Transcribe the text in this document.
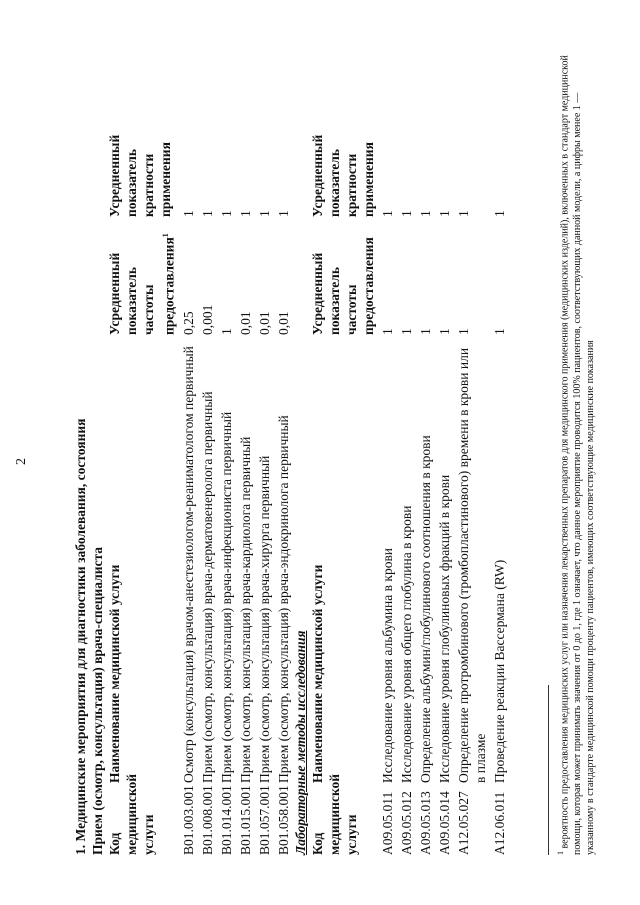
2	1. Медицинские мероприятия для диагностики заболевания, состояния Прием (осмотр, консультация) врача-специалиста Код
медицинской
услуги
Наименование медицинской услуги
Усредненный
показатель
частоты
предоставления$^1$
Усредненный
показатель
кратности
применения
B01.003.001
Осмотр (консультация) врачом-анестезиологом-реаниматологом первичный
0,25
1
B01.008.001
Прием (осмотр, консультация) врача-дерматовенеролога первичный
0,001
1
B01.014.001
Прием (осмотр, консультация) врача-инфекциониста первичный
1
1
B01.015.001
Прием (осмотр, консультация) врача-кардиолога первичный
0,01
1
B01.057.001
Прием (осмотр, консультация) врача-хирурга первичный
0,01
1
B01.058.001
Прием (осмотр, консультация) врача-эндокринолога первичный
0,01
1
Лабораторные методы исследования Код
медицинской
услуги
Наименование медицинской услуги
Усредненный
показатель
частоты
предоставления
Усредненный
показатель
кратности
применения
A09.05.011
Исследование уровня альбумина в крови
1
1
A09.05.012
Исследование уровня общего глобулина в крови
1
1
A09.05.013
Определение альбумин/глобулинового соотношения в крови
1
1
A09.05.014
Исследование уровня глобулиновых фракций в крови
1
1
A12.05.027
Определение протромбинового (тромбопластинового) времени в крови или в плазме
1
1
A12.06.011
Проведение реакции Вассермана (RW)
1
1
$^1$ вероятность предоставления медицинских услуг или назначения лекарственных препаратов для медицинского применения (медицинских изделий), включенных в стандарт медицинской помощи, которая может принимать значения от 0 до 1, где 1 означает, что данное мероприятие проводится 100% пациентов, соответствующих данной модели, а цифры менее 1 — указанному в стандарте медицинской помощи проценту пациентов, имеющих соответствующие медицинские показания
